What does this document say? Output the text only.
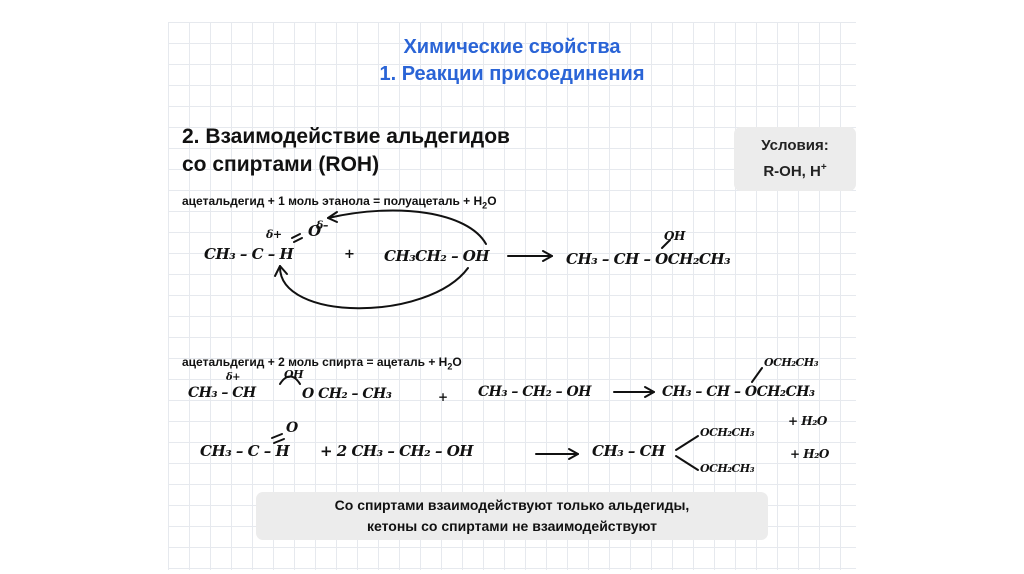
Химические свойства
1. Реакции присоединения
2. Взаимодействие альдегидов
со спиртами (ROH)
Условия:
R-OH, H+
ацетальдегид + 1 моль этанола = полуацеталь + $H_2O$
δ–
δ+ O
CH₃ – C – H	+ CH₃CH₂ – OH
OH
CH₃ – CH – OCH₂CH₃
ацетальдегид + 2 моль спирта = ацеталь + $H_2O$
δ+	OH
CH₃ – CH	O CH₂ – CH₃	+ CH₃ – CH₂ – OH
OCH₂CH₃
CH₃ – CH – OCH₂CH₃
O
CH₃ – C – H + 2 CH₃ – CH₂ – OH	CH₃ – CH
OCH₂CH₃
OCH₂CH₃
+ H₂O
+ H₂O
Со спиртами взаимодействуют только альдегиды,
кетоны со спиртами не взаимодействуют
